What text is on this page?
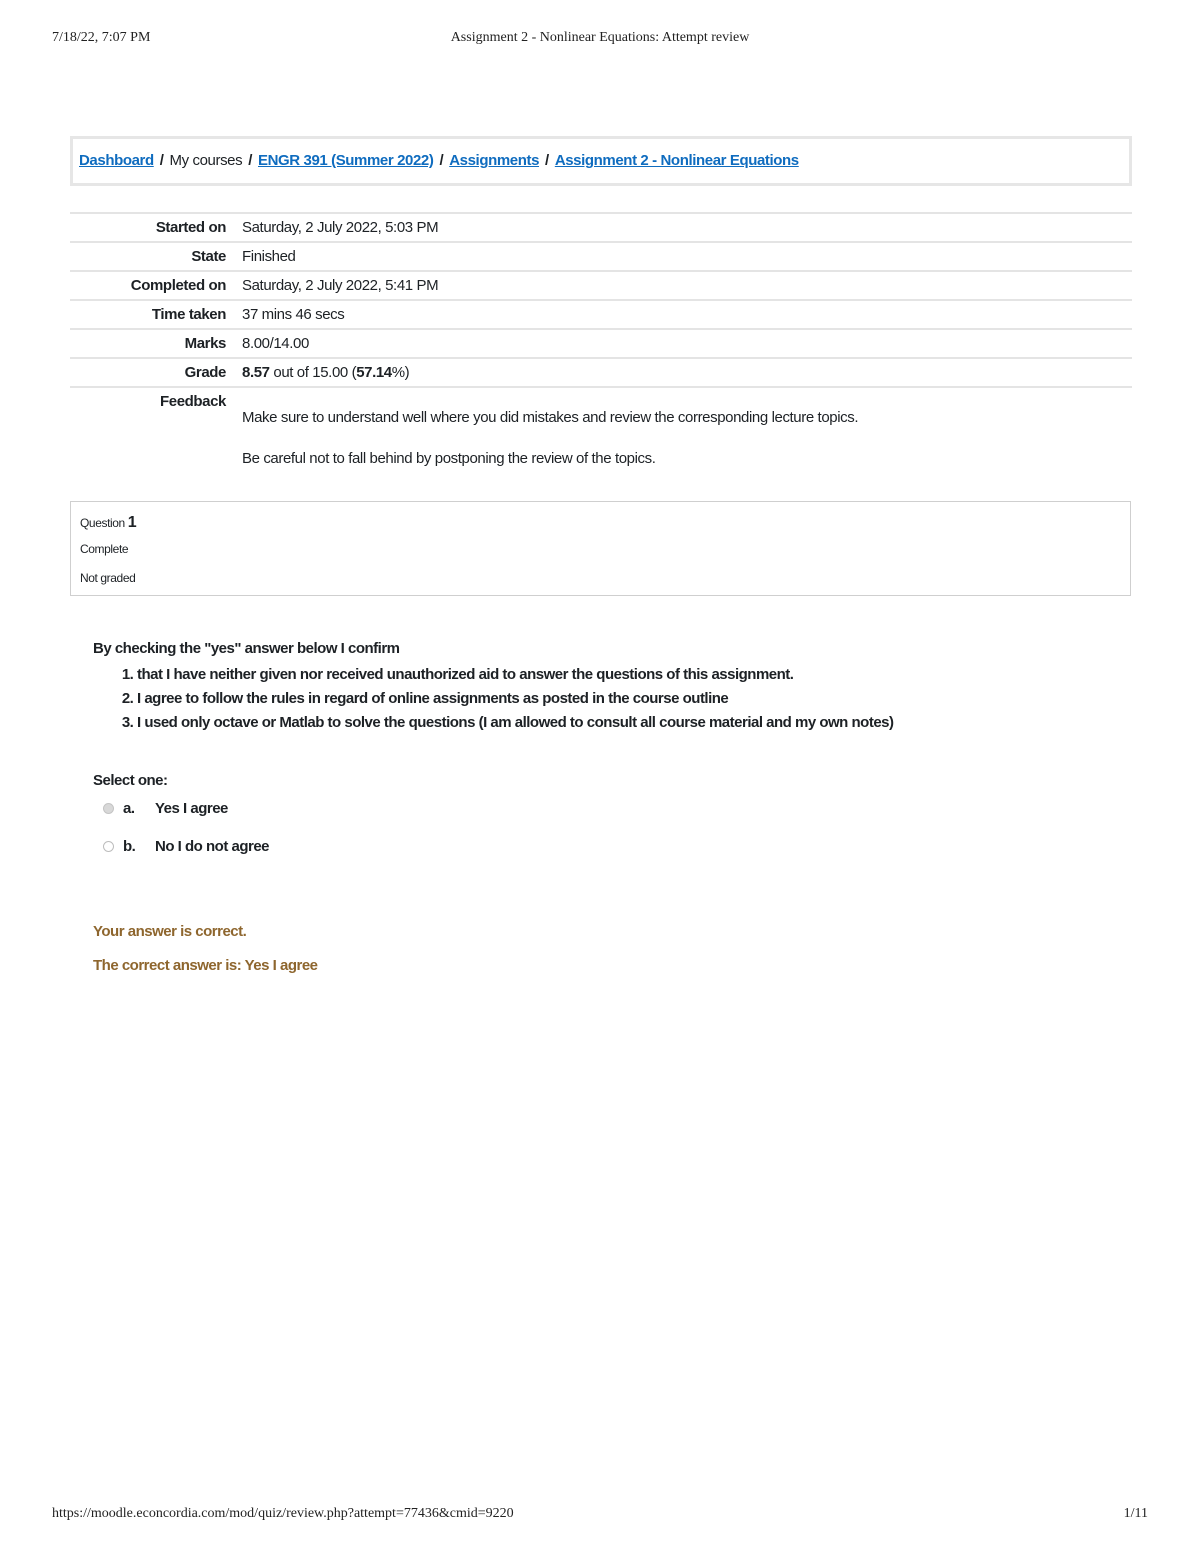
7/18/22, 7:07 PM	Assignment 2 - Nonlinear Equations: Attempt review
Dashboard / My courses / ENGR 391 (Summer 2022) / Assignments / Assignment 2 - Nonlinear Equations
Started on	Saturday, 2 July 2022, 5:03 PM
State	Finished
Completed on	Saturday, 2 July 2022, 5:41 PM
Time taken	37 mins 46 secs
Marks	8.00/14.00
Grade	8.57 out of 15.00 (57.14%)
Feedback	Make sure to understand well where you did mistakes and review the corresponding lecture topics.

Be careful not to fall behind by postponing the review of the topics.

Question 1
Complete
Not graded

By checking the "yes" answer below I confirm

1. that I have neither given nor received unauthorized aid to answer the questions of this assignment.
2. I agree to follow the rules in regard of online assignments as posted in the course outline
3. I used only octave or Matlab to solve the questions (I am allowed to consult all course material and my own notes)
Select one:
a. Yes I agree
b. No I do not agree
Your answer is correct.
The correct answer is: Yes I agree
https://moodle.econcordia.com/mod/quiz/review.php?attempt=77436&cmid=9220	1/11
